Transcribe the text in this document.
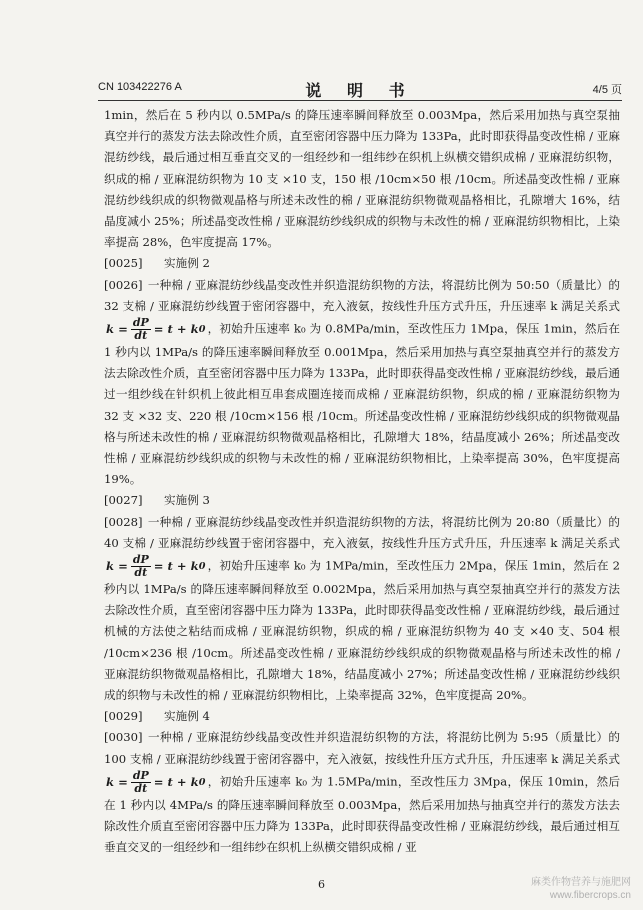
CN 103422276 A	说 明 书	4/5 页
1min，然后在 5 秒内以 0.5MPa/s 的降压速率瞬间释放至 0.003Mpa，然后采用加热与真空泵抽真空并行的蒸发方法去除改性介质，直至密闭容器中压力降为 133Pa，此时即获得晶变改性棉 / 亚麻混纺纱线，最后通过相互垂直交叉的一组经纱和一组纬纱在织机上纵横交错织成棉 / 亚麻混纺织物，织成的棉 / 亚麻混纺织物为 10 支 ×10 支，150 根 /10cm×50 根 /10cm。所述晶变改性棉 / 亚麻混纺纱线织成的织物微观晶格与所述未改性的棉 / 亚麻混纺织物微观晶格相比，孔隙增大 16%，结晶度减小 25%；所述晶变改性棉 / 亚麻混纺纱线织成的织物与未改性的棉 / 亚麻混纺织物相比，上染率提高 28%，色牢度提高 17%。
[0025] 实施例 2
[0026] 一种棉 / 亚麻混纺纱线晶变改性并织造混纺织物的方法，将混纺比例为 50:50（质量比）的 32 支棉 / 亚麻混纺纱线置于密闭容器中，充入液氨，按线性升压方式升压，升压速率 k 满足关系式
k
= $\frac{dP}{dt} = t + k$ 0 ，初始升压速率 k₀ 为 0.8MPa/min，至改性压力 1Mpa，保压 1min，然后在 1 秒内以 1MPa/s 的降压速率瞬间释放至 0.001Mpa，然后采用加热与真空泵抽真空并行的蒸发方法去除改性介质，直至密闭容器中压力降为 133Pa，此时即获得晶变改性棉 / 亚麻混纺纱线，最后通过一组纱线在针织机上彼此相互串套成圈连接而成棉 / 亚麻混纺织物，织成的棉 / 亚麻混纺织物为 32 支 ×32 支、220 根 /10cm×156 根 /10cm。所述晶变改性棉 / 亚麻混纺纱线织成的织物微观晶格与所述未改性的棉 / 亚麻混纺织物微观晶格相比，孔隙增大 18%，结晶度减小 26%；所述晶变改性棉 / 亚麻混纺纱线织成的织物与未改性的棉 / 亚麻混纺织物相比，上染率提高 30%，色牢度提高 19%。
[0027] 实施例 3
[0028] 一种棉 / 亚麻混纺纱线晶变改性并织造混纺织物的方法，将混纺比例为 20:80（质量比）的 40 支棉 / 亚麻混纺纱线置于密闭容器中，充入液氨，按线性升压方式升压，升压速率 k 满足关系式
k
= $\frac{dP}{dt} = t + k$ 0 ，初始升压速率 k₀ 为 1MPa/min，至改性压力 2Mpa，保压 1min，然后在 2 秒内以 1MPa/s 的降压速率瞬间释放至 0.002Mpa，然后采用加热与真空泵抽真空并行的蒸发方法去除改性介质，直至密闭容器中压力降为 133Pa，此时即获得晶变改性棉 / 亚麻混纺纱线，最后通过机械的方法使之粘结而成棉 / 亚麻混纺织物，织成的棉 / 亚麻混纺织物为 40 支 ×40 支、504 根 /10cm×236 根 /10cm。所述晶变改性棉 / 亚麻混纺纱线织成的织物微观晶格与所述未改性的棉 / 亚麻混纺织物微观晶格相比，孔隙增大 18%，结晶度减小 27%；所述晶变改性棉 / 亚麻混纺纱线织成的织物与未改性的棉 / 亚麻混纺织物相比，上染率提高 32%，色牢度提高 20%。
[0029] 实施例 4
[0030] 一种棉 / 亚麻混纺纱线晶变改性并织造混纺织物的方法，将混纺比例为 5:95（质量比）的 100 支棉 / 亚麻混纺纱线置于密闭容器中，充入液氨，按线性升压方式升压，升压速率 k 满足关系式
k
= $\frac{dP}{dt} = t + k$ 0 ，初始升压速率 k₀ 为 1.5MPa/min，至改性压力 3Mpa，保压 10min，然后在 1 秒内以 4MPa/s 的降压速率瞬间释放至 0.003Mpa，然后采用加热与抽真空并行的蒸发方法去除改性介质直至密闭容器中压力降为 133Pa，此时即获得晶变改性棉 / 亚麻混纺纱线，最后通过相互垂直交叉的一组经纱和一组纬纱在织机上纵横交错织成棉 / 亚
6	麻类作物营养与施肥网
www.fibercrops.cn
